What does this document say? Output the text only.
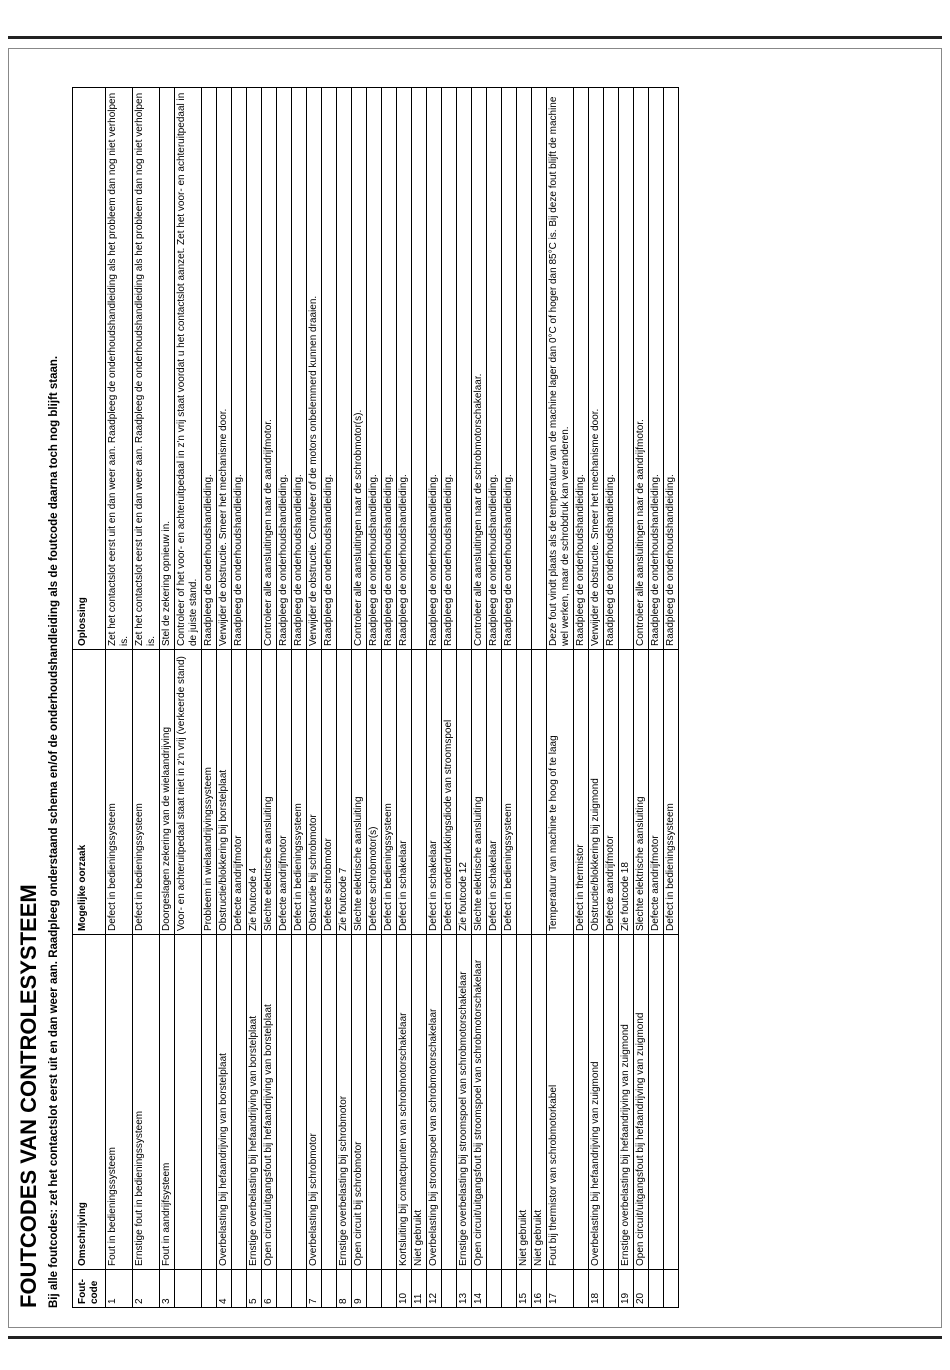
FOUTCODES VAN CONTROLESYSTEEM Bij alle foutcodes: zet het contactslot eerst uit en dan weer aan. Raadpleeg onderstaand schema en/of de onderhoudshandleiding als de foutcode daarna toch nog blijft staan. Fout-code	Omschrijving	Mogelijke oorzaak	Oplossing
1	Fout in bedieningssysteem	Defect in bedieningssysteem	Zet het contactslot eerst uit en dan weer aan. Raadpleeg de onderhoudshandleiding als het probleem dan nog niet verholpen is.
2	Ernstige fout in bedieningssysteem	Defect in bedieningssysteem	Zet het contactslot eerst uit en dan weer aan. Raadpleeg de onderhoudshandleiding als het probleem dan nog niet verholpen is.
3	Fout in aandrijfsysteem	Doorgeslagen zekering van de wielaandrijving	Stel de zekering opnieuw in.
		Voor- en achteruitpedaal staat niet in z'n vrij (verkeerde stand)	Controleer of het voor- en achteruitpedaal in z'n vrij staat voordat u het contactslot aanzet. Zet het voor- en achteruitpedaal in de juiste stand.
		Probleem in wielaandrijvingssysteem	Raadpleeg de onderhoudshandleiding.
4	Overbelasting bij hefaandrijving van borstelplaat	Obstructie/blokkering bij borstelplaat	Verwijder de obstructie. Smeer het mechanisme door.
		Defecte aandrijfmotor	Raadpleeg de onderhoudshandleiding.
5	Ernstige overbelasting bij hefaandrijving van borstelplaat	Zie foutcode 4	
6	Open circuit/uitgangsfout bij hefaandrijving van borstelplaat	Slechte elektrische aansluiting	Controleer alle aansluitingen naar de aandrijfmotor.
		Defecte aandrijfmotor	Raadpleeg de onderhoudshandleiding.
		Defect in bedieningssysteem	Raadpleeg de onderhoudshandleiding.
7	Overbelasting bij schrobmotor	Obstructie bij schrobmotor	Verwijder de obstructie. Controleer of de motors onbelemmerd kunnen draaien.
		Defecte schrobmotor	Raadpleeg de onderhoudshandleiding.
8	Ernstige overbelasting bij schrobmotor	Zie foutcode 7	
9	Open circuit bij schrobmotor	Slechte elektrische aansluiting	Controleer alle aansluitingen naar de schrobmotor(s).
		Defecte schrobmotor(s)	Raadpleeg de onderhoudshandleiding.
		Defect in bedieningssysteem	Raadpleeg de onderhoudshandleiding.
10	Kortsluiting bij contactpunten van schrobmotorschakelaar	Defect in schakelaar	Raadpleeg de onderhoudshandleiding.
11	Niet gebruikt		
12	Overbelasting bij stroomspoel van schrobmotorschakelaar	Defect in schakelaar	Raadpleeg de onderhoudshandleiding.
		Defect in onderdrukkingsdiode van stroomspoel	Raadpleeg de onderhoudshandleiding.
13	Ernstige overbelasting bij stroomspoel van schrobmotorschakelaar	Zie foutcode 12	
14	Open circuit/uitgangsfout bij stroomspoel van schrobmotorschakelaar	Slechte elektrische aansluiting	Controleer alle aansluitingen naar de schrobmotorschakelaar.
		Defect in schakelaar	Raadpleeg de onderhoudshandleiding.
		Defect in bedieningssysteem	Raadpleeg de onderhoudshandleiding.
15	Niet gebruikt		
16	Niet gebruikt		
17	Fout bij thermistor van schrobmotorkabel	Temperatuur van machine te hoog of te laag	Deze fout vindt plaats als de temperatuur van de machine lager dan 0°C of hoger dan 85°C is. Bij deze fout blijft de machine wel werken, maar de schrobdruk kan veranderen.
		Defect in thermistor	Raadpleeg de onderhoudshandleiding.
18	Overbelasting bij hefaandrijving van zuigmond	Obstructie/blokkering bij zuigmond	Verwijder de obstructie. Smeer het mechanisme door.
		Defecte aandrijfmotor	Raadpleeg de onderhoudshandleiding.
19	Ernstige overbelasting bij hefaandrijving van zuigmond	Zie foutcode 18	
20	Open circuit/uitgangsfout bij hefaandrijving van zuigmond	Slechte elektrische aansluiting	Controleer alle aansluitingen naar de aandrijfmotor.
		Defecte aandrijfmotor	Raadpleeg de onderhoudshandleiding.
		Defect in bedieningssysteem	Raadpleeg de onderhoudshandleiding.
